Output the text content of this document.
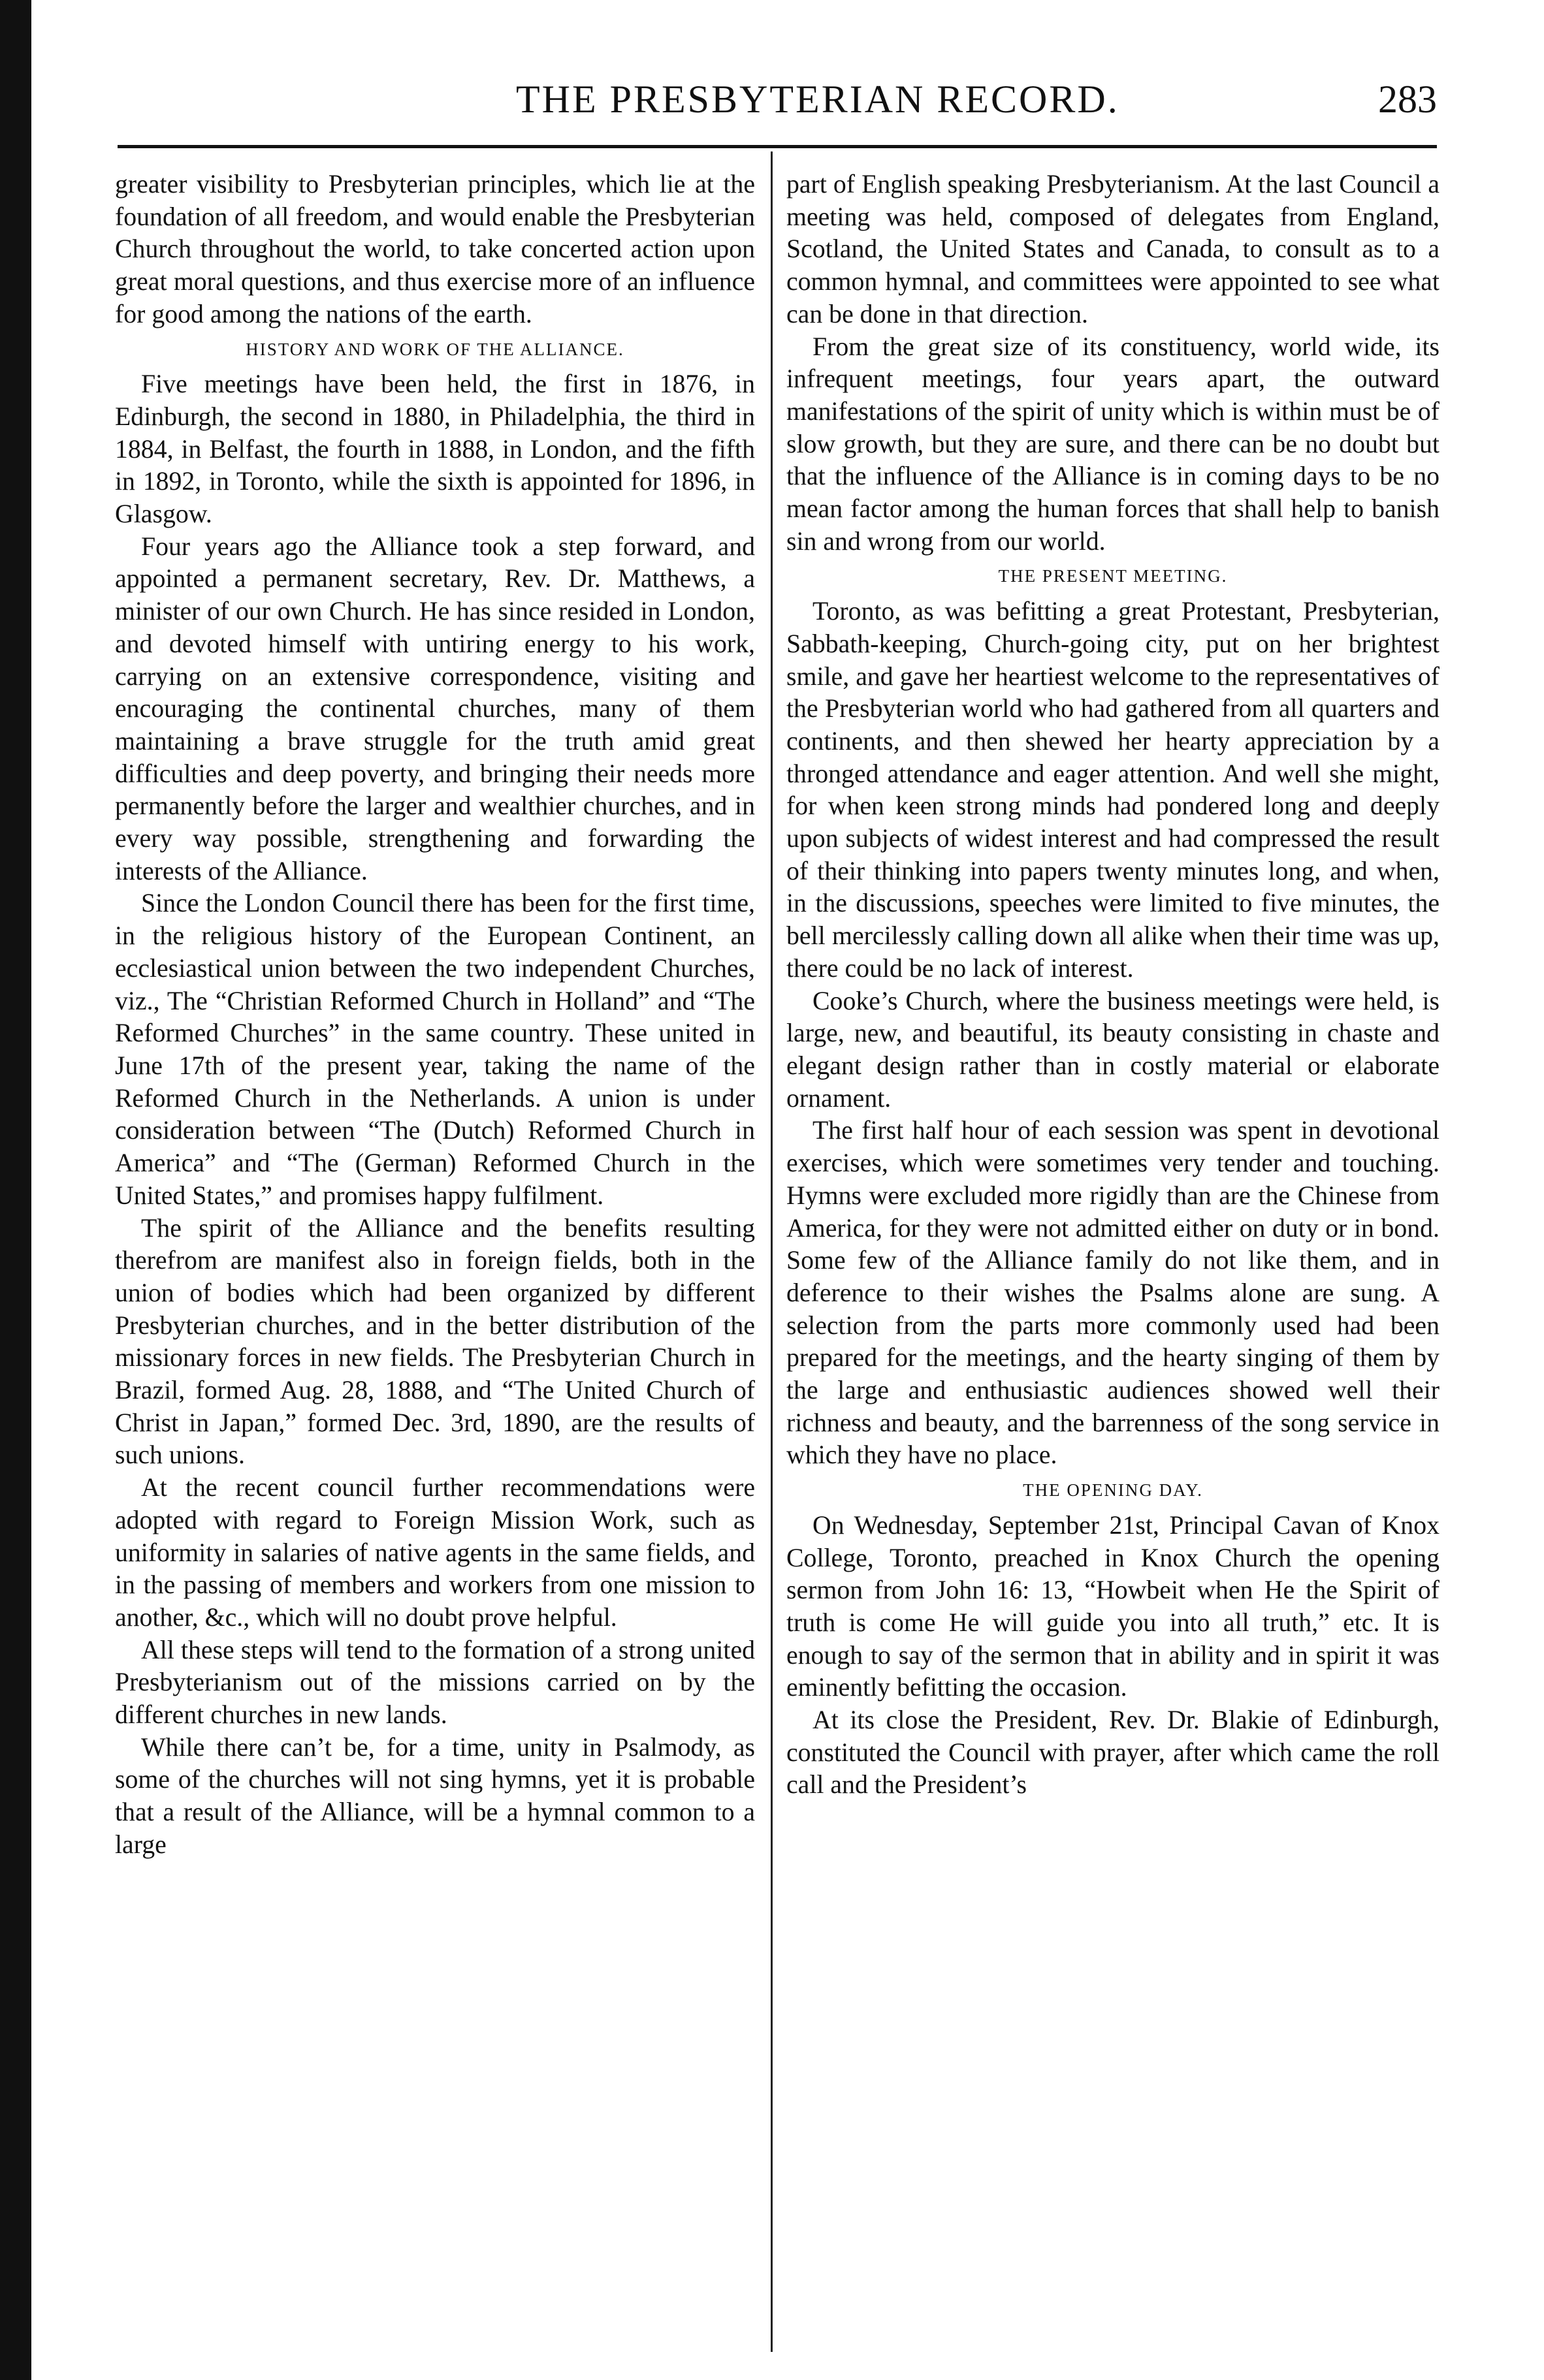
THE PRESBYTERIAN RECORD.	283

greater visibility to Presbyterian principles, which lie at the foundation of all freedom, and would enable the Presbyterian Church throughout the world, to take concerted action upon great moral questions, and thus exercise more of an influence for good among the nations of the earth.

HISTORY AND WORK OF THE ALLIANCE.

Five meetings have been held, the first in 1876, in Edinburgh, the second in 1880, in Philadelphia, the third in 1884, in Belfast, the fourth in 1888, in London, and the fifth in 1892, in Toronto, while the sixth is appointed for 1896, in Glasgow.

Four years ago the Alliance took a step forward, and appointed a permanent secretary, Rev. Dr. Matthews, a minister of our own Church. He has since resided in London, and devoted himself with untiring energy to his work, carrying on an extensive correspondence, visiting and encouraging the continental churches, many of them maintaining a brave struggle for the truth amid great difficulties and deep poverty, and bringing their needs more permanently before the larger and wealthier churches, and in every way possible, strengthening and forwarding the interests of the Alliance.

Since the London Council there has been for the first time, in the religious history of the European Continent, an ecclesiastical union between the two independent Churches, viz., The “Christian Reformed Church in Holland” and “The Reformed Churches” in the same country. These united in June 17th of the present year, taking the name of the Reformed Church in the Netherlands. A union is under consideration between “The (Dutch) Reformed Church in America” and “The (German) Reformed Church in the United States,” and promises happy fulfilment.

The spirit of the Alliance and the benefits resulting therefrom are manifest also in foreign fields, both in the union of bodies which had been organized by different Presbyterian churches, and in the better distribution of the missionary forces in new fields. The Presbyterian Church in Brazil, formed Aug. 28, 1888, and “The United Church of Christ in Japan,” formed Dec. 3rd, 1890, are the results of such unions.

At the recent council further recommendations were adopted with regard to Foreign Mission Work, such as uniformity in salaries of native agents in the same fields, and in the passing of members and workers from one mission to another, &c., which will no doubt prove helpful.

All these steps will tend to the formation of a strong united Presbyterianism out of the missions carried on by the different churches in new lands.

While there can’t be, for a time, unity in Psalmody, as some of the churches will not sing hymns, yet it is probable that a result of the Alliance, will be a hymnal common to a large

part of English speaking Presbyterianism. At the last Council a meeting was held, composed of delegates from England, Scotland, the United States and Canada, to consult as to a common hymnal, and committees were appointed to see what can be done in that direction.

From the great size of its constituency, world wide, its infrequent meetings, four years apart, the outward manifestations of the spirit of unity which is within must be of slow growth, but they are sure, and there can be no doubt but that the influence of the Alliance is in coming days to be no mean factor among the human forces that shall help to banish sin and wrong from our world.

THE PRESENT MEETING.

Toronto, as was befitting a great Protestant, Presbyterian, Sabbath-keeping, Church-going city, put on her brightest smile, and gave her heartiest welcome to the representatives of the Presbyterian world who had gathered from all quarters and continents, and then shewed her hearty appreciation by a thronged attendance and eager attention. And well she might, for when keen strong minds had pondered long and deeply upon subjects of widest interest and had compressed the result of their thinking into papers twenty minutes long, and when, in the discussions, speeches were limited to five minutes, the bell mercilessly calling down all alike when their time was up, there could be no lack of interest.

Cooke’s Church, where the business meetings were held, is large, new, and beautiful, its beauty consisting in chaste and elegant design rather than in costly material or elaborate ornament.

The first half hour of each session was spent in devotional exercises, which were sometimes very tender and touching. Hymns were excluded more rigidly than are the Chinese from America, for they were not admitted either on duty or in bond. Some few of the Alliance family do not like them, and in deference to their wishes the Psalms alone are sung. A selection from the parts more commonly used had been prepared for the meetings, and the hearty singing of them by the large and enthusiastic audiences showed well their richness and beauty, and the barrenness of the song service in which they have no place.

THE OPENING DAY.

On Wednesday, September 21st, Principal Cavan of Knox College, Toronto, preached in Knox Church the opening sermon from John 16: 13, “Howbeit when He the Spirit of truth is come He will guide you into all truth,” etc. It is enough to say of the sermon that in ability and in spirit it was eminently befitting the occasion.

At its close the President, Rev. Dr. Blakie of Edinburgh, constituted the Council with prayer, after which came the roll call and the President’s
